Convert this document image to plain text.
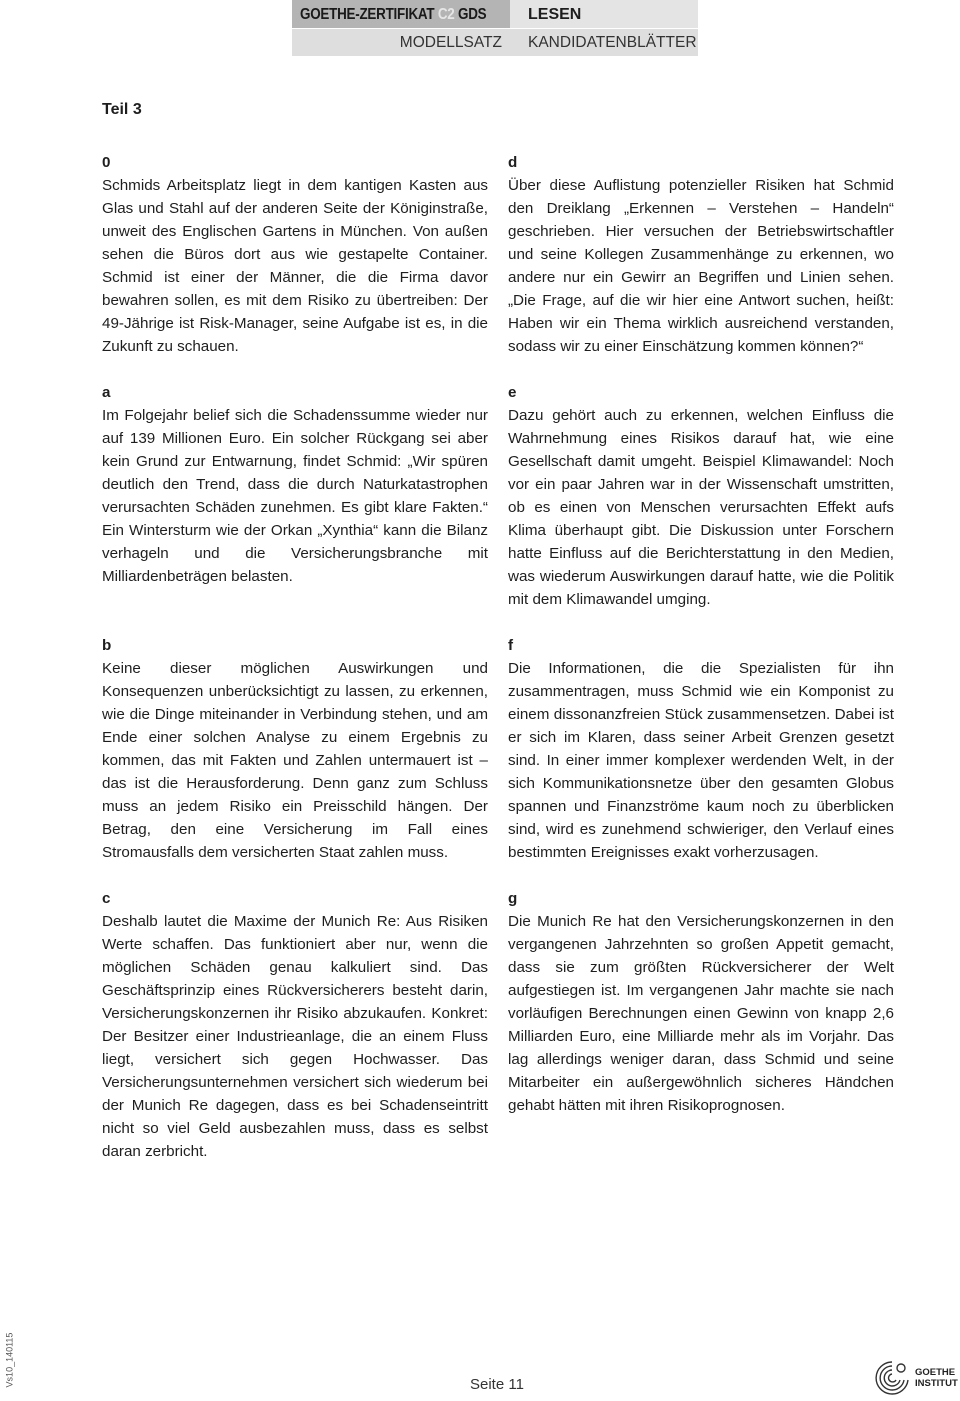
GOETHE-ZERTIFIKAT C2 GDS	LESEN
MODELLSATZ	KANDIDATENBLÄTTER
Teil 3
0
Schmids Arbeitsplatz liegt in dem kantigen Kasten aus Glas und Stahl auf der anderen Seite der Königinstraße, unweit des Englischen Gartens in München. Von außen sehen die Büros dort aus wie gestapelte Container. Schmid ist einer der Männer, die die Firma davor bewahren sollen, es mit dem Risiko zu übertreiben: Der 49-Jährige ist Risk-Manager, seine Aufgabe ist es, in die Zukunft zu schauen.
a
Im Folgejahr belief sich die Schadenssumme wieder nur auf 139 Millionen Euro. Ein solcher Rückgang sei aber kein Grund zur Entwarnung, findet Schmid: „Wir spüren deutlich den Trend, dass die durch Naturkatastrophen verursachten Schäden zunehmen. Es gibt klare Fakten.“ Ein Wintersturm wie der Orkan „Xynthia“ kann die Bilanz verhageln und die Versicherungsbranche mit Milliardenbeträgen belasten.
b
Keine dieser möglichen Auswirkungen und Konsequenzen unberücksichtigt zu lassen, zu erkennen, wie die Dinge miteinander in Verbindung stehen, und am Ende einer solchen Analyse zu einem Ergebnis zu kommen, das mit Fakten und Zahlen untermauert ist – das ist die Herausforderung. Denn ganz zum Schluss muss an jedem Risiko ein Preisschild hängen. Der Betrag, den eine Versicherung im Fall eines Stromausfalls dem versicherten Staat zahlen muss.
c
Deshalb lautet die Maxime der Munich Re: Aus Risiken Werte schaffen. Das funktioniert aber nur, wenn die möglichen Schäden genau kalkuliert sind. Das Geschäftsprinzip eines Rückversicherers besteht darin, Versicherungskonzernen ihr Risiko abzukaufen. Konkret: Der Besitzer einer Industrieanlage, die an einem Fluss liegt, versichert sich gegen Hochwasser. Das Versicherungsunternehmen versichert sich wiederum bei der Munich Re dagegen, dass es bei Schadenseintritt nicht so viel Geld ausbezahlen muss, dass es selbst daran zerbricht.
d
Über diese Auflistung potenzieller Risiken hat Schmid den Dreiklang „Erkennen – Verstehen – Handeln“ geschrieben. Hier versuchen der Betriebswirtschaftler und seine Kollegen Zusammenhänge zu erkennen, wo andere nur ein Gewirr an Begriffen und Linien sehen. „Die Frage, auf die wir hier eine Antwort suchen, heißt: Haben wir ein Thema wirklich ausreichend verstanden, sodass wir zu einer Einschätzung kommen können?“
e
Dazu gehört auch zu erkennen, welchen Einfluss die Wahrnehmung eines Risikos darauf hat, wie eine Gesellschaft damit umgeht. Beispiel Klimawandel: Noch vor ein paar Jahren war in der Wissenschaft umstritten, ob es einen von Menschen verursachten Effekt aufs Klima überhaupt gibt. Die Diskussion unter Forschern hatte Einfluss auf die Berichterstattung in den Medien, was wiederum Auswirkungen darauf hatte, wie die Politik mit dem Klimawandel umging.
f
Die Informationen, die die Spezialisten für ihn zusammentragen, muss Schmid wie ein Komponist zu einem dissonanzfreien Stück zusammensetzen. Dabei ist er sich im Klaren, dass seiner Arbeit Grenzen gesetzt sind. In einer immer komplexer werdenden Welt, in der sich Kommunikationsnetze über den gesamten Globus spannen und Finanzströme kaum noch zu überblicken sind, wird es zunehmend schwieriger, den Verlauf eines bestimmten Ereignisses exakt vorherzusagen.
g
Die Munich Re hat den Versicherungskonzernen in den vergangenen Jahrzehnten so großen Appetit gemacht, dass sie zum größten Rückversicherer der Welt aufgestiegen ist. Im vergangenen Jahr machte sie nach vorläufigen Berechnungen einen Gewinn von knapp 2,6 Milliarden Euro, eine Milliarde mehr als im Vorjahr. Das lag allerdings weniger daran, dass Schmid und seine Mitarbeiter ein außergewöhnlich sicheres Händchen gehabt hätten mit ihren Risikoprognosen.
Vs10_140115	Seite 11
GOETHE
INSTITUT
